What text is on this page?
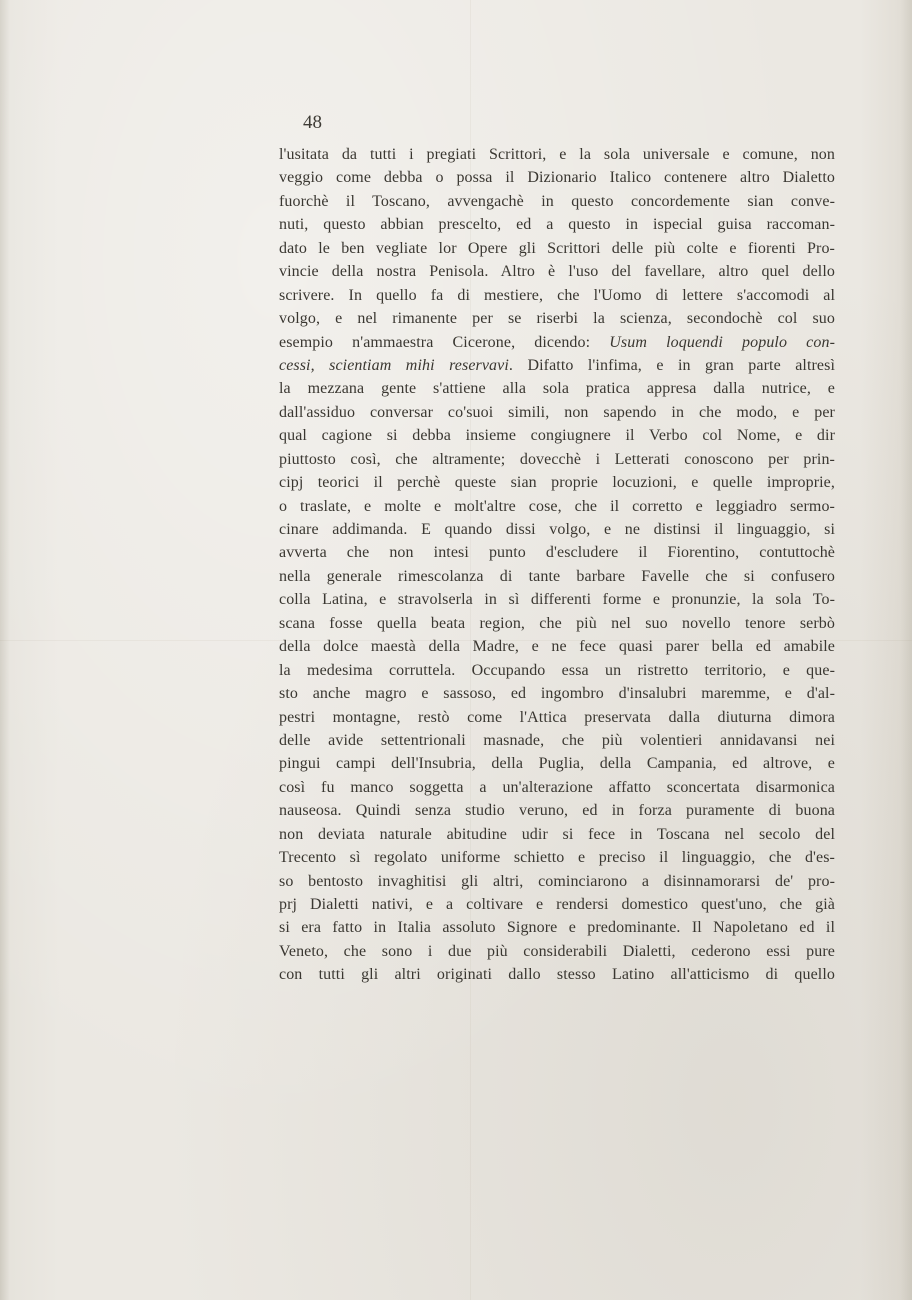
48

l'usitata da tutti i pregiati Scrittori, e la sola universale e comune, non
veggio come debba o possa il Dizionario Italico contenere altro Dialetto
fuorchè il Toscano, avvengachè in questo concordemente sian conve-
nuti, questo abbian prescelto, ed a questo in ispecial guisa raccoman-
dato le ben vegliate lor Opere gli Scrittori delle più colte e fiorenti Pro-
vincie della nostra Penisola. Altro è l'uso del favellare, altro quel dello
scrivere. In quello fa di mestiere, che l'Uomo di lettere s'accomodi al
volgo, e nel rimanente per se riserbi la scienza, secondochè col suo
esempio n'ammaestra Cicerone, dicendo: Usum loquendi populo con-
cessi, scientiam mihi reservavi. Difatto l'infima, e in gran parte altresì
la mezzana gente s'attiene alla sola pratica appresa dalla nutrice, e
dall'assiduo conversar co'suoi simili, non sapendo in che modo, e per
qual cagione si debba insieme congiugnere il Verbo col Nome, e dir
piuttosto così, che altramente; dovecchè i Letterati conoscono per prin-
cipj teorici il perchè queste sian proprie locuzioni, e quelle improprie,
o traslate, e molte e molt'altre cose, che il corretto e leggiadro sermo-
cinare addimanda. E quando dissi volgo, e ne distinsi il linguaggio, si
avverta che non intesi punto d'escludere il Fiorentino, contuttochè
nella generale rimescolanza di tante barbare Favelle che si confusero
colla Latina, e stravolserla in sì differenti forme e pronunzie, la sola To-
scana fosse quella beata region, che più nel suo novello tenore serbò
della dolce maestà della Madre, e ne fece quasi parer bella ed amabile
la medesima corruttela. Occupando essa un ristretto territorio, e que-
sto anche magro e sassoso, ed ingombro d'insalubri maremme, e d'al-
pestri montagne, restò come l'Attica preservata dalla diuturna dimora
delle avide settentrionali masnade, che più volentieri annidavansi nei
pingui campi dell'Insubria, della Puglia, della Campania, ed altrove, e
così fu manco soggetta a un'alterazione affatto sconcertata disarmonica
nauseosa. Quindi senza studio veruno, ed in forza puramente di buona
non deviata naturale abitudine udir si fece in Toscana nel secolo del
Trecento sì regolato uniforme schietto e preciso il linguaggio, che d'es-
so bentosto invaghitisi gli altri, cominciarono a disinnamorarsi de' pro-
prj Dialetti nativi, e a coltivare e rendersi domestico quest'uno, che già
si era fatto in Italia assoluto Signore e predominante. Il Napoletano ed il
Veneto, che sono i due più considerabili Dialetti, cederono essi pure
con tutti gli altri originati dallo stesso Latino all'atticismo di quello
